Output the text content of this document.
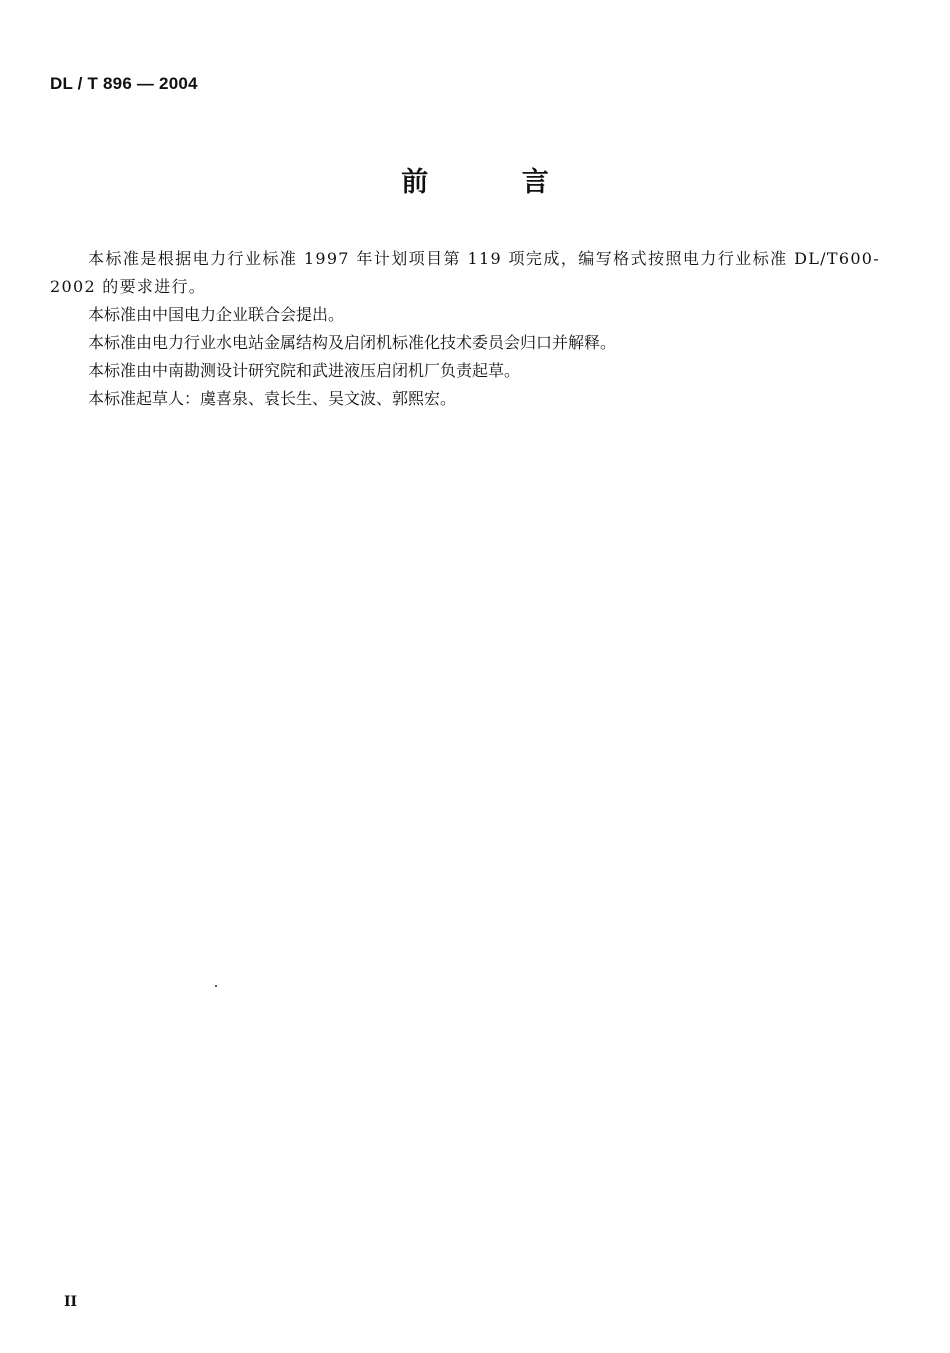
DL / T 896 — 2004
前 言

本标准是根据电力行业标准 1997 年计划项目第 119 项完成，编写格式按照电力行业标准 DL/T600-2002 的要求进行。

本标准由中国电力企业联合会提出。

本标准由电力行业水电站金属结构及启闭机标准化技术委员会归口并解释。

本标准由中南勘测设计研究院和武进液压启闭机厂负责起草。

本标准起草人：虞喜泉、袁长生、吴文波、郭熙宏。

II
